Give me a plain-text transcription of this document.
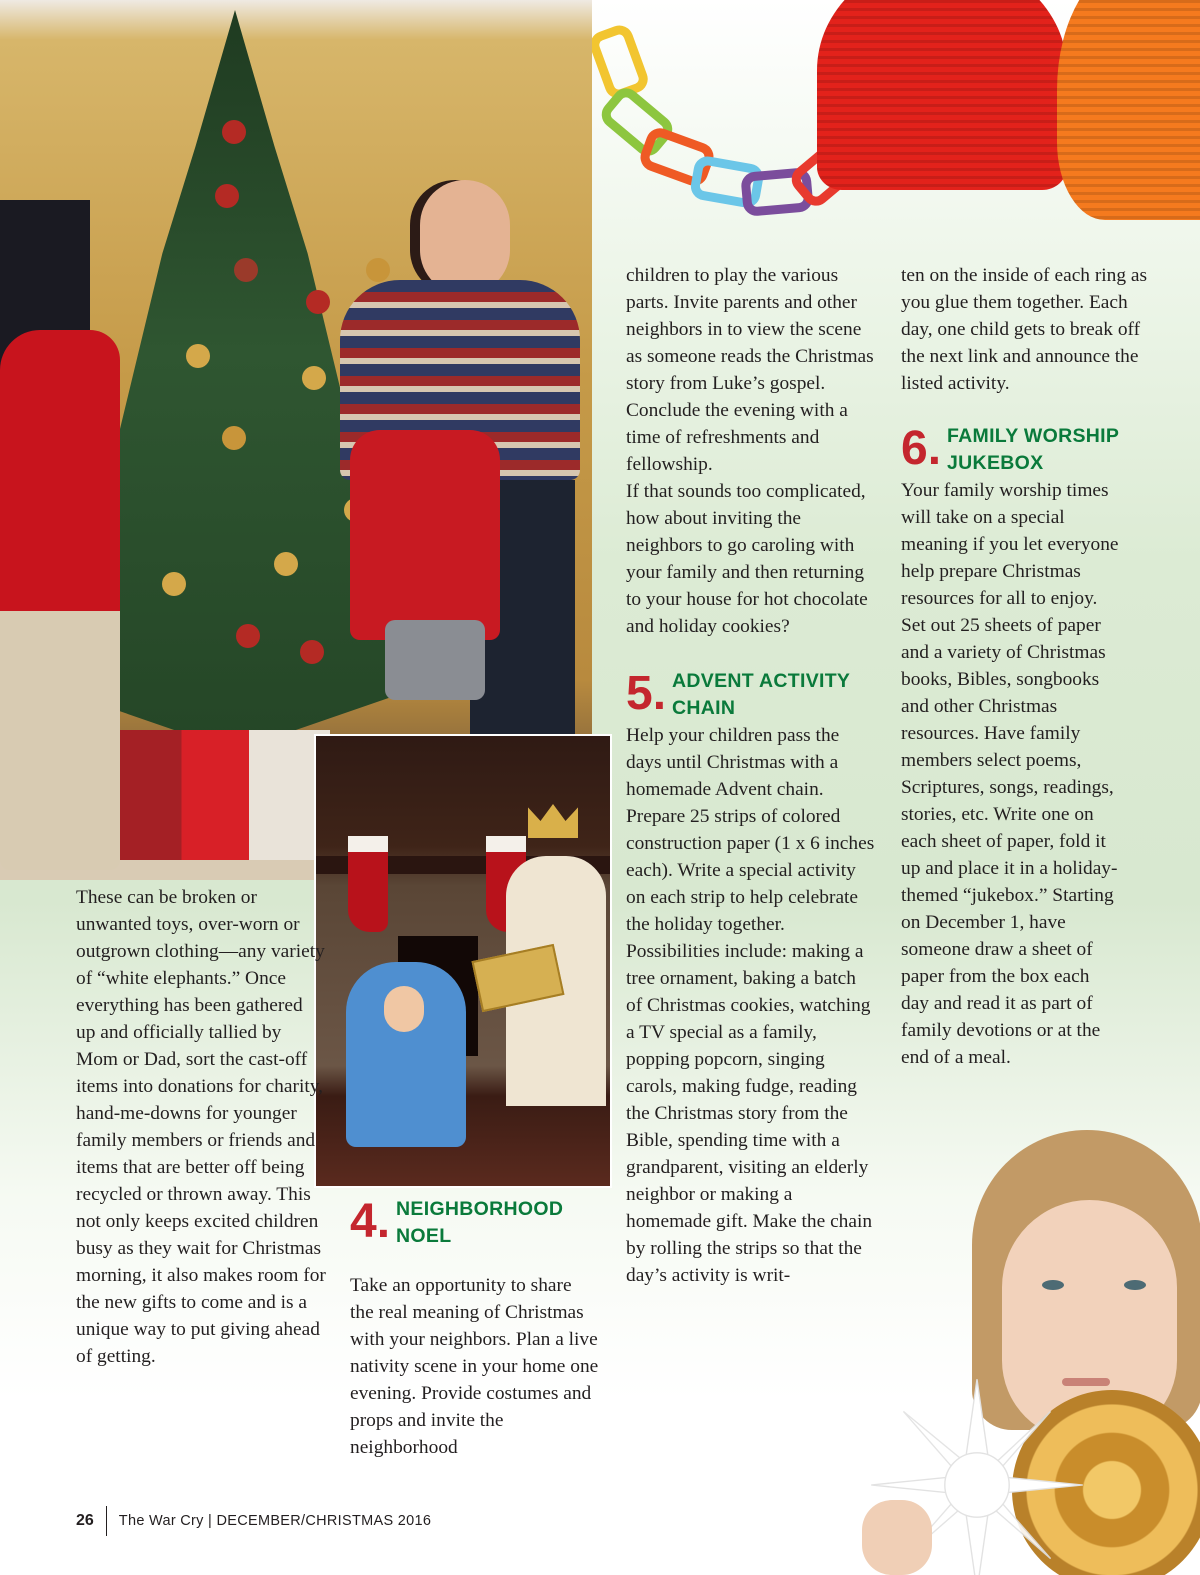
These can be broken or unwanted toys, over-worn or outgrown clothing—any variety of “white elephants.” Once everything has been gathered up and officially tallied by Mom or Dad, sort the cast-off items into donations for charity, hand-me-downs for younger family members or friends and items that are better off being recycled or thrown away. This not only keeps excited children busy as they wait for Christmas morning, it also makes room for the new gifts to come and is a unique way to put giving ahead of getting.

4. NEIGHBORHOOD NOEL

Take an opportunity to share the real meaning of Christmas with your neighbors. Plan a live nativity scene in your home one evening. Provide costumes and props and invite the neighborhood

children to play the various parts. Invite parents and other neighbors in to view the scene as someone reads the Christmas story from Luke’s gospel. Conclude the evening with a time of refreshments and fellowship.

If that sounds too complicated, how about inviting the neighbors to go caroling with your family and then returning to your house for hot chocolate and holiday cookies?

5. ADVENT ACTIVITY CHAIN

Help your children pass the days until Christmas with a homemade Advent chain. Prepare 25 strips of colored construction paper (1 x 6 inches each). Write a special activity on each strip to help celebrate the holiday together. Possibilities include: making a tree ornament, baking a batch of Christmas cookies, watching a TV special as a family, popping popcorn, singing carols, making fudge, reading the Christmas story from the Bible, spending time with a grandparent, visiting an elderly neighbor or making a homemade gift. Make the chain by rolling the strips so that the day’s activity is writ-

ten on the inside of each ring as you glue them together. Each day, one child gets to break off the next link and announce the listed activity.

6. FAMILY WORSHIP JUKEBOX

Your family worship times will take on a special meaning if you let everyone help prepare Christmas resources for all to enjoy. Set out 25 sheets of paper and a variety of Christmas books, Bibles, songbooks and other Christmas resources. Have family members select poems, Scriptures, songs, readings, stories, etc. Write one on each sheet of paper, fold it up and place it in a holiday-themed “jukebox.” Starting on December 1, have someone draw a sheet of paper from the box each day and read it as part of family devotions or at the end of a meal.

26 The War Cry | DECEMBER/CHRISTMAS 2016
